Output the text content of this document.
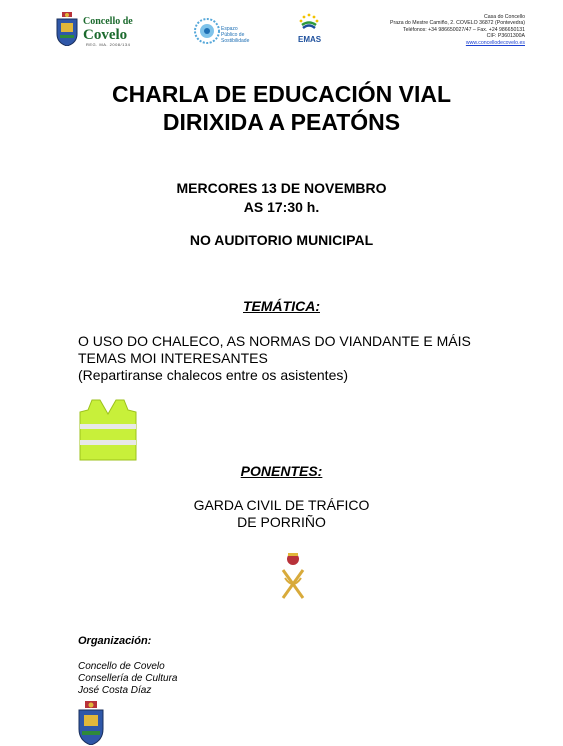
Concello de
Covelo
REG. MA. 2008/134
Espazo
Público de
Sostibilidade	EMAS
Casa do Concello
Praza do Mestre Camiño, 2. COVELO 36872 (Pontevedra)
Teléfonos: +34 986650027/47 – Fax. +24 986650131
CIF: P3601300A
www.concellodecovelo.es
CHARLA DE EDUCACIÓN VIAL
DIRIXIDA A PEATÓNS
MERCORES 13 DE NOVEMBRO
AS 17:30 h.
NO AUDITORIO MUNICIPAL
TEMÁTICA:
O USO DO CHALECO, AS NORMAS DO VIANDANTE E MÁIS
TEMAS MOI INTERESANTES
(Repartiranse chalecos entre os asistentes)
PONENTES:
GARDA CIVIL DE TRÁFICO
DE PORRIÑO
Organización:
Concello de Covelo
Consellería de Cultura
José Costa Díaz
